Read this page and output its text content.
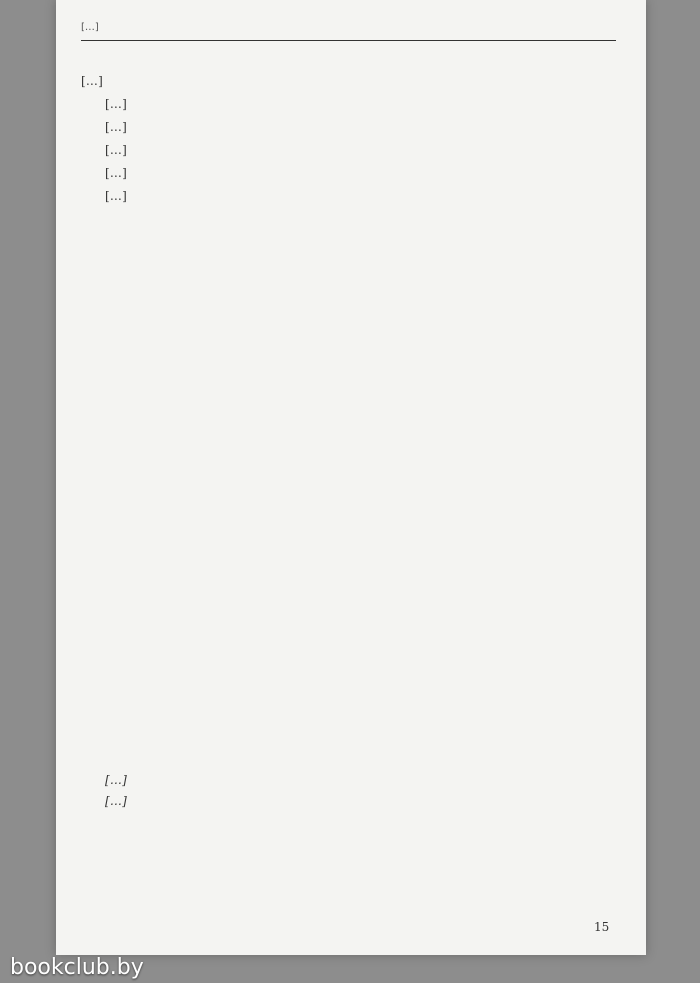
[…]

[…]

[…]

[…]

[…]

[…]

[…]

[…]

[…]

15
bookclub.by
